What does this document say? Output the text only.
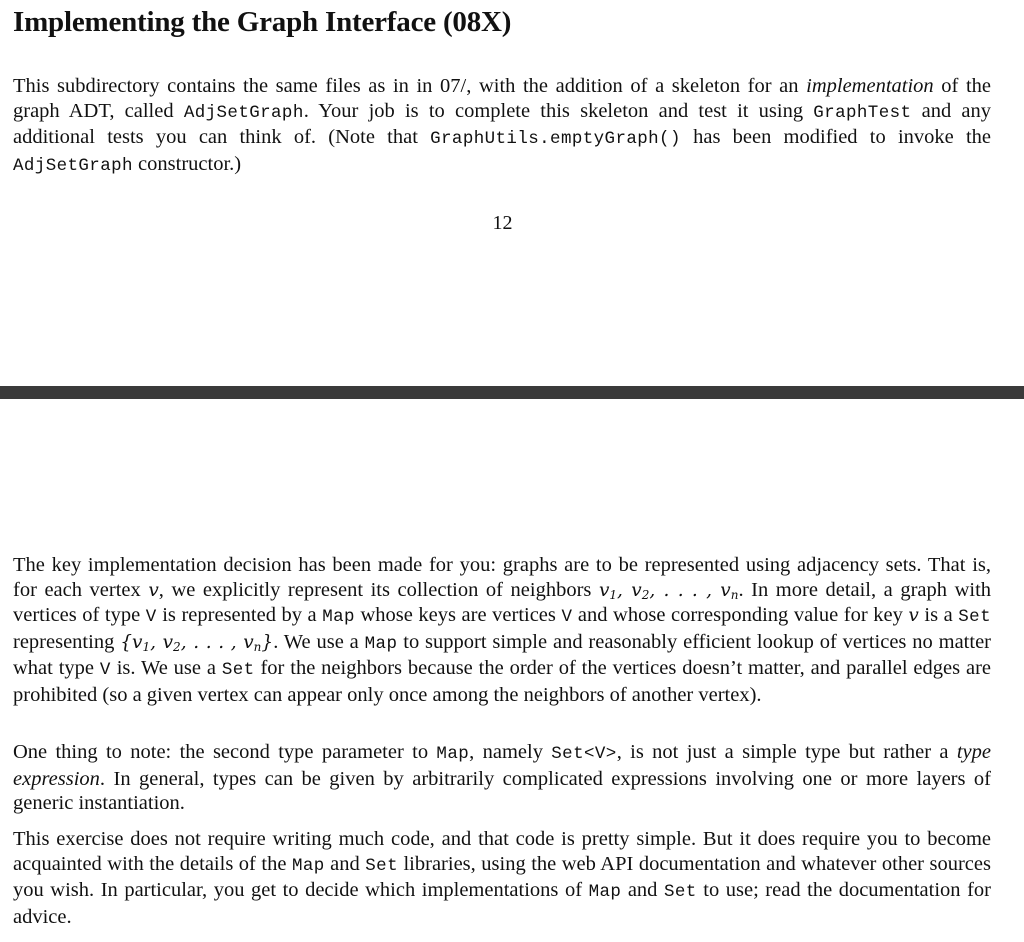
Implementing the Graph Interface (08X)

This subdirectory contains the same files as in in 07/, with the addition of a skeleton for an implementation of the graph ADT, called AdjSetGraph. Your job is to complete this skeleton and test it using GraphTest and any additional tests you can think of. (Note that GraphUtils.emptyGraph() has been modified to invoke the AdjSetGraph constructor.)

12

The key implementation decision has been made for you: graphs are to be represented using adjacency sets. That is, for each vertex v, we explicitly represent its collection of neighbors $v_1$, $v_2$, . . . , $v_n$. In more detail, a graph with vertices of type V is represented by a Map whose keys are vertices V and whose corresponding value for key v is a Set representing {$v_1$, $v_2$, . . . , $v_n$}. We use a Map to support simple and reasonably efficient lookup of vertices no matter what type V is. We use a Set for the neighbors because the order of the vertices doesn’t matter, and parallel edges are prohibited (so a given vertex can appear only once among the neighbors of another vertex).

One thing to note: the second type parameter to Map, namely Set<V>, is not just a simple type but rather a type expression. In general, types can be given by arbitrarily complicated expressions involving one or more layers of generic instantiation.

This exercise does not require writing much code, and that code is pretty simple. But it does require you to become acquainted with the details of the Map and Set libraries, using the web API documentation and whatever other sources you wish. In particular, you get to decide which implementations of Map and Set to use; read the documentation for advice.
